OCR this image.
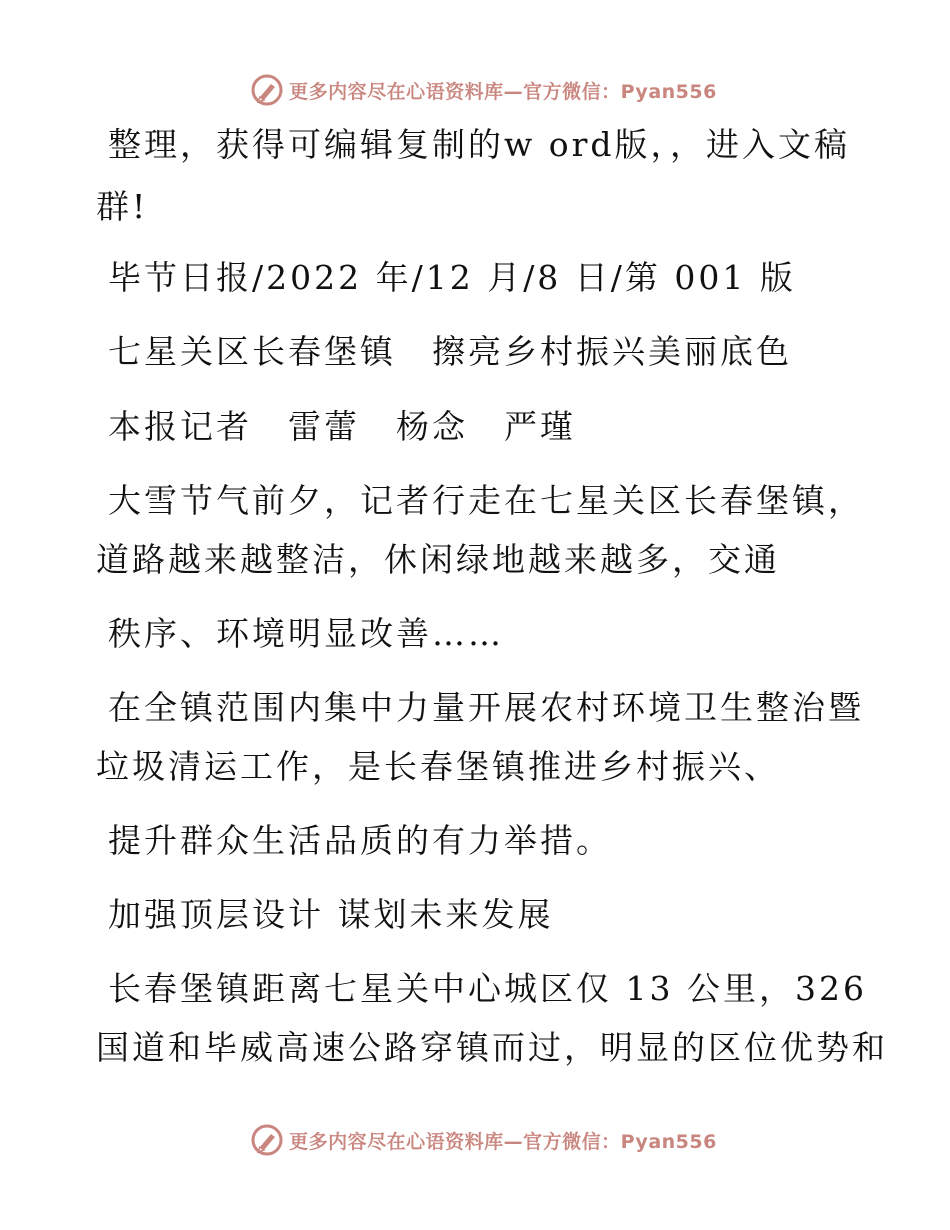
更多内容尽在心语资料库—官方微信：Pyan556
整理，获得可编辑复制的w ord版，，进入文稿
群!
毕节日报/2022 年/12 月/8 日/第 001 版
七星关区长春堡镇　擦亮乡村振兴美丽底色
本报记者　雷蕾　杨念　严瑾
大雪节气前夕，记者行走在七星关区长春堡镇，
道路越来越整洁，休闲绿地越来越多，交通
秩序、环境明显改善……
在全镇范围内集中力量开展农村环境卫生整治暨
垃圾清运工作，是长春堡镇推进乡村振兴、
提升群众生活品质的有力举措。
加强顶层设计 谋划未来发展
长春堡镇距离七星关中心城区仅 13 公里，326
国道和毕威高速公路穿镇而过，明显的区位优势和
更多内容尽在心语资料库—官方微信：Pyan556
